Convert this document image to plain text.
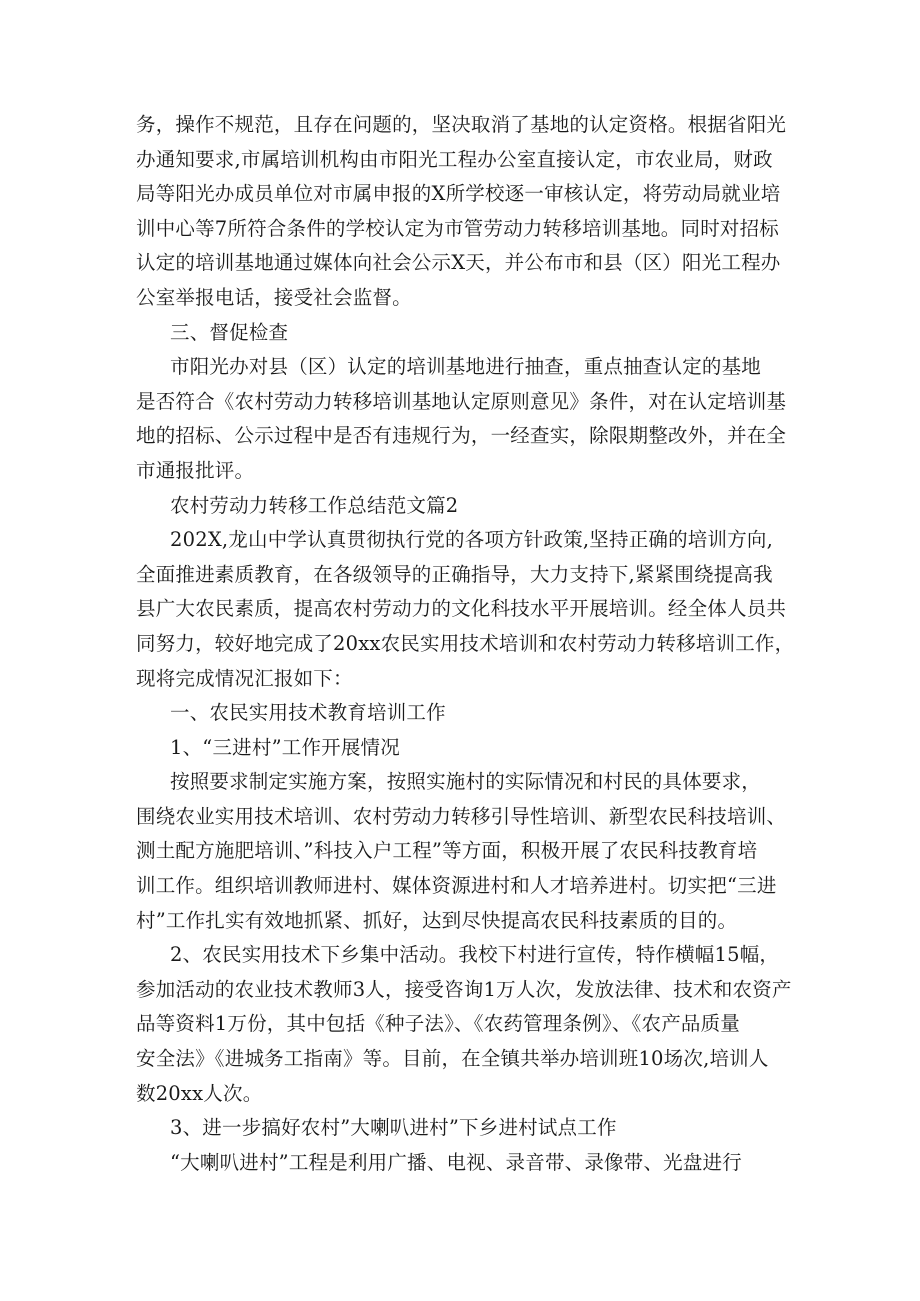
务，操作不规范，且存在问题的，坚决取消了基地的认定资格。根据省阳光
办通知要求,市属培训机构由市阳光工程办公室直接认定，市农业局，财政
局等阳光办成员单位对市属申报的X所学校逐一审核认定，将劳动局就业培
训中心等7所符合条件的学校认定为市管劳动力转移培训基地。同时对招标
认定的培训基地通过媒体向社会公示X天，并公布市和县（区）阳光工程办
公室举报电话，接受社会监督。
三、督促检查
市阳光办对县（区）认定的培训基地进行抽查，重点抽查认定的基地
是否符合《农村劳动力转移培训基地认定原则意见》条件，对在认定培训基
地的招标、公示过程中是否有违规行为，一经查实，除限期整改外，并在全
市通报批评。
农村劳动力转移工作总结范文篇2
202X,龙山中学认真贯彻执行党的各项方针政策,坚持正确的培训方向,
全面推进素质教育，在各级领导的正确指导，大力支持下,紧紧围绕提高我
县广大农民素质，提高农村劳动力的文化科技水平开展培训。经全体人员共
同努力，较好地完成了20xx农民实用技术培训和农村劳动力转移培训工作，
现将完成情况汇报如下：
一、农民实用技术教育培训工作
1、“三进村”工作开展情况
按照要求制定实施方案，按照实施村的实际情况和村民的具体要求，
围绕农业实用技术培训、农村劳动力转移引导性培训、新型农民科技培训、
测土配方施肥培训、”科技入户工程”等方面，积极开展了农民科技教育培
训工作。组织培训教师进村、媒体资源进村和人才培养进村。切实把“三进
村”工作扎实有效地抓紧、抓好，达到尽快提高农民科技素质的目的。
2、农民实用技术下乡集中活动。我校下村进行宣传，特作横幅15幅，
参加活动的农业技术教师3人，接受咨询1万人次，发放法律、技术和农资产
品等资料1万份，其中包括《种子法》、《农药管理条例》、《农产品质量
安全法》《进城务工指南》等。目前，在全镇共举办培训班10场次,培训人
数20xx人次。
3、进一步搞好农村”大喇叭进村”下乡进村试点工作
“大喇叭进村”工程是利用广播、电视、录音带、录像带、光盘进行
